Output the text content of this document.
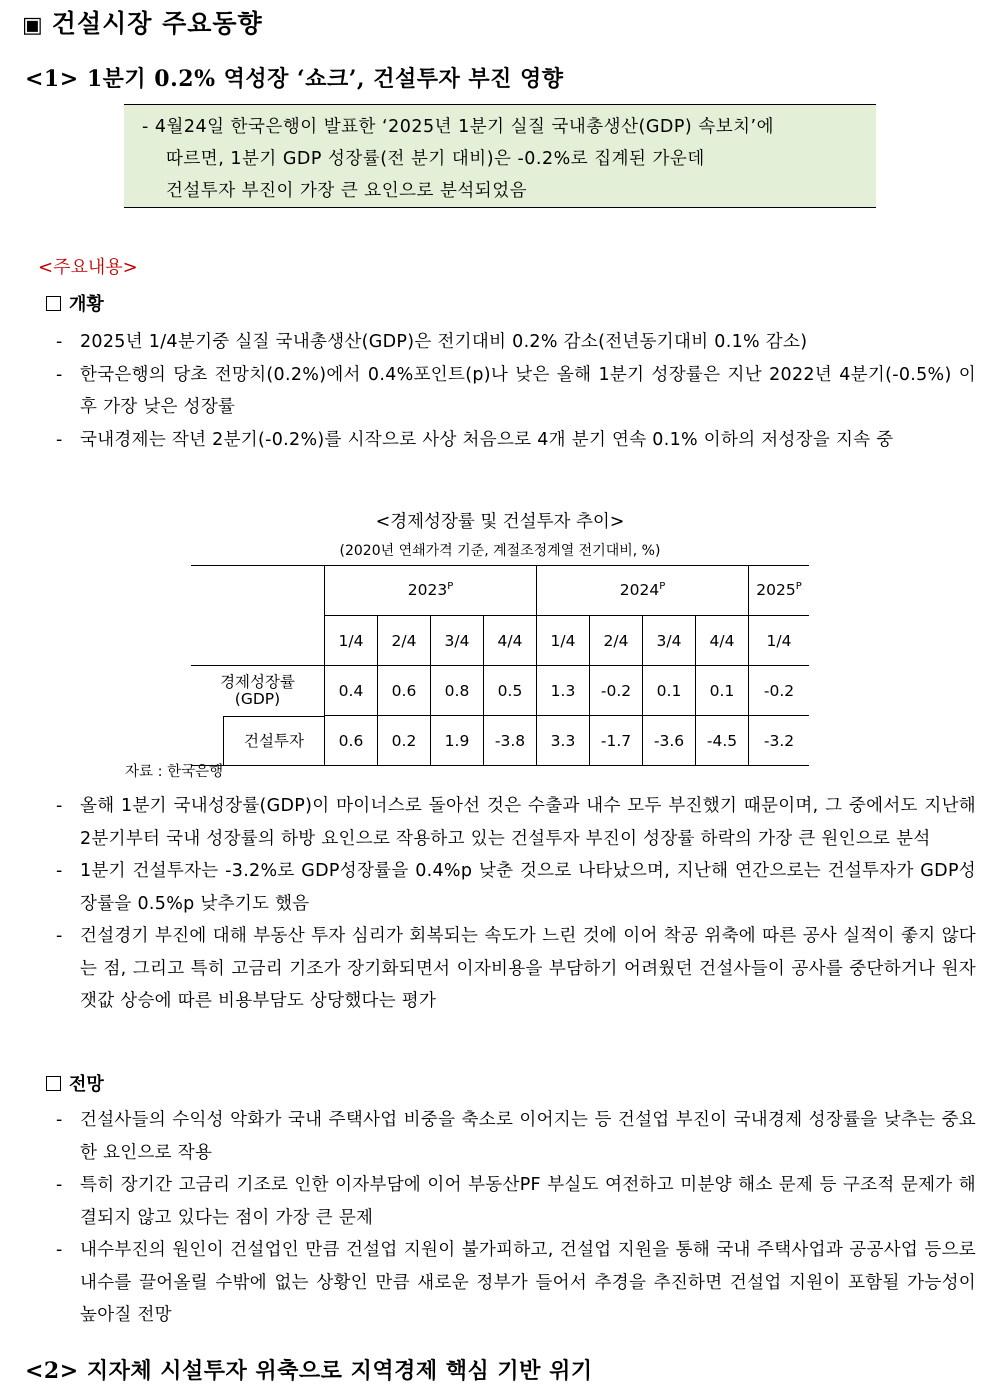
▣ 건설시장 주요동향
<1> 1분기 0.2% 역성장 ‘쇼크’, 건설투자 부진 영향
- 4월24일 한국은행이 발표한 ‘2025년 1분기 실질 국내총생산(GDP) 속보치’에
따르면, 1분기 GDP 성장률(전 분기 대비)은 -0.2%로 집계된 가운데
건설투자 부진이 가장 큰 요인으로 분석되었음
<주요내용>
개황
- 2025년 1/4분기중 실질 국내총생산(GDP)은 전기대비 0.2% 감소(전년동기대비 0.1% 감소)
- 한국은행의 당초 전망치(0.2%)에서 0.4%포인트(p)나 낮은 올해 1분기 성장률은 지난 2022년 4분기(-0.5%) 이후 가장 낮은 성장률
- 국내경제는 작년 2분기(-0.2%)를 시작으로 사상 처음으로 4개 분기 연속 0.1% 이하의 저성장을 지속 중
<경제성장률 및 건설투자 추이>
(2020년 연쇄가격 기준, 계절조정계열 전기대비, %)
	$2023^P$				$2024^P$				$2025^P$
	1/4	2/4	3/4	4/4	1/4	2/4	3/4	4/4	1/4
경제성장률
(GDP)	0.4	0.6	0.8	0.5	1.3	-0.2	0.1	0.1	-0.2

건설투자	0.6	0.2	1.9	-3.8	3.3	-1.7	-3.6	-4.5	-3.2
자료 : 한국은행
- 올해 1분기 국내성장률(GDP)이 마이너스로 돌아선 것은 수출과 내수 모두 부진했기 때문이며, 그 중에서도 지난해 2분기부터 국내 성장률의 하방 요인으로 작용하고 있는 건설투자 부진이 성장률 하락의 가장 큰 원인으로 분석
- 1분기 건설투자는 -3.2%로 GDP성장률을 0.4%p 낮춘 것으로 나타났으며, 지난해 연간으로는 건설투자가 GDP성장률을 0.5%p 낮추기도 했음
- 건설경기 부진에 대해 부동산 투자 심리가 회복되는 속도가 느린 것에 이어 착공 위축에 따른 공사 실적이 좋지 않다는 점, 그리고 특히 고금리 기조가 장기화되면서 이자비용을 부담하기 어려웠던 건설사들이 공사를 중단하거나 원자잿값 상승에 따른 비용부담도 상당했다는 평가
전망
- 건설사들의 수익성 악화가 국내 주택사업 비중을 축소로 이어지는 등 건설업 부진이 국내경제 성장률을 낮추는 중요한 요인으로 작용
- 특히 장기간 고금리 기조로 인한 이자부담에 이어 부동산PF 부실도 여전하고 미분양 해소 문제 등 구조적 문제가 해결되지 않고 있다는 점이 가장 큰 문제
- 내수부진의 원인이 건설업인 만큼 건설업 지원이 불가피하고, 건설업 지원을 통해 국내 주택사업과 공공사업 등으로 내수를 끌어올릴 수밖에 없는 상황인 만큼 새로운 정부가 들어서 추경을 추진하면 건설업 지원이 포함될 가능성이 높아질 전망
<2> 지자체 시설투자 위축으로 지역경제 핵심 기반 위기
